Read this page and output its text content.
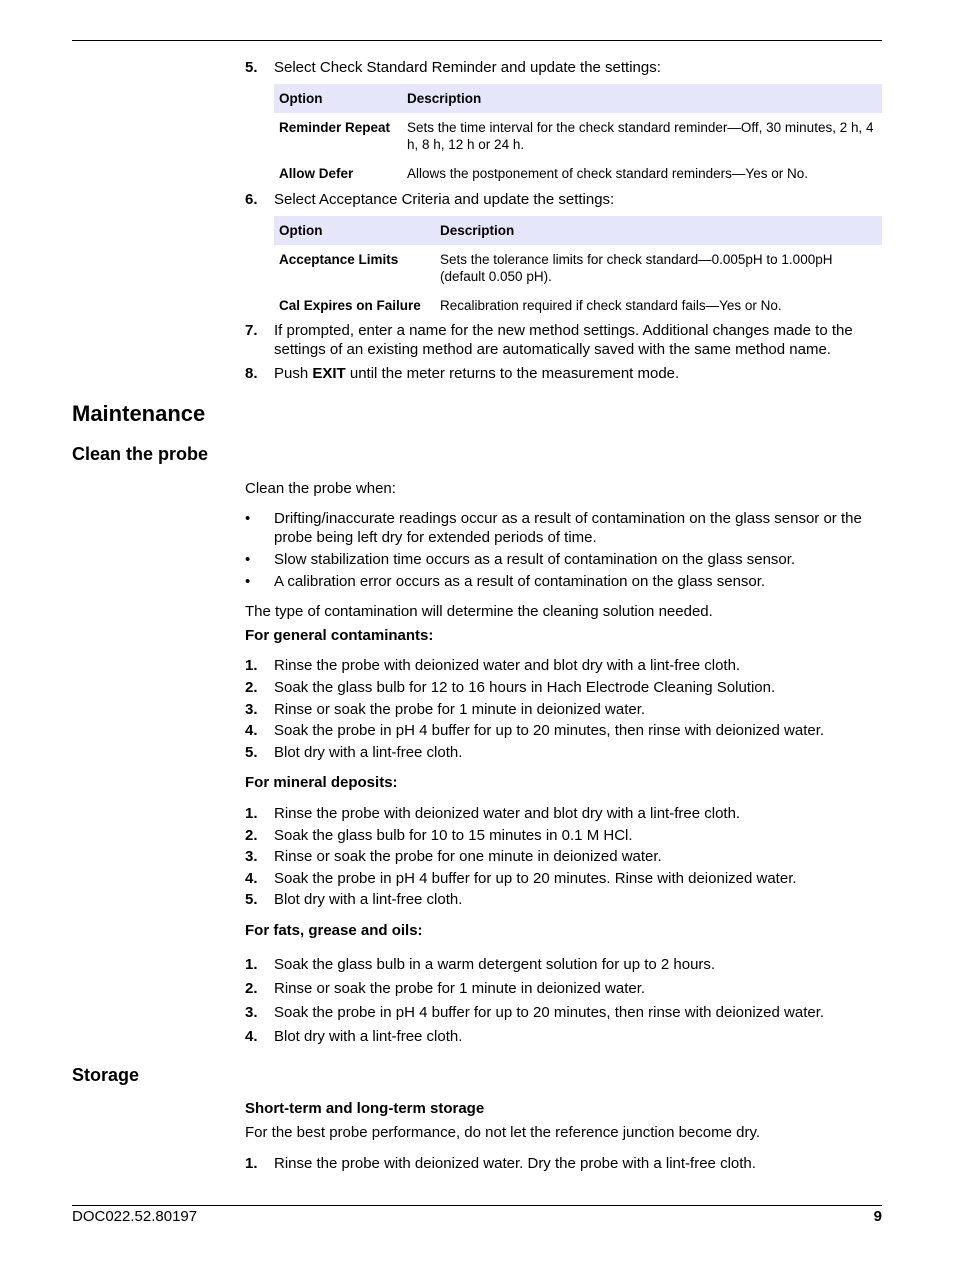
5. Select Check Standard Reminder and update the settings:
Option	Description
Reminder Repeat	Sets the time interval for the check standard reminder—Off, 30 minutes, 2 h, 4 h, 8 h, 12 h or 24 h.
Allow Defer	Allows the postponement of check standard reminders—Yes or No.
6. Select Acceptance Criteria and update the settings:
Option	Description
Acceptance Limits	Sets the tolerance limits for check standard—0.005pH to 1.000pH (default 0.050 pH).
Cal Expires on Failure	Recalibration required if check standard fails—Yes or No.
7. If prompted, enter a name for the new method settings. Additional changes made to the settings of an existing method are automatically saved with the same method name.
8. Push EXIT until the meter returns to the measurement mode.
Maintenance
Clean the probe
Clean the probe when:
• Drifting/inaccurate readings occur as a result of contamination on the glass sensor or the probe being left dry for extended periods of time.
• Slow stabilization time occurs as a result of contamination on the glass sensor.
• A calibration error occurs as a result of contamination on the glass sensor.
The type of contamination will determine the cleaning solution needed.
For general contaminants:
1. Rinse the probe with deionized water and blot dry with a lint-free cloth.
2. Soak the glass bulb for 12 to 16 hours in Hach Electrode Cleaning Solution.
3. Rinse or soak the probe for 1 minute in deionized water.
4. Soak the probe in pH 4 buffer for up to 20 minutes, then rinse with deionized water.
5. Blot dry with a lint-free cloth.
For mineral deposits:
1. Rinse the probe with deionized water and blot dry with a lint-free cloth.
2. Soak the glass bulb for 10 to 15 minutes in 0.1 M HCl.
3. Rinse or soak the probe for one minute in deionized water.
4. Soak the probe in pH 4 buffer for up to 20 minutes. Rinse with deionized water.
5. Blot dry with a lint-free cloth.
For fats, grease and oils:
1. Soak the glass bulb in a warm detergent solution for up to 2 hours.
2. Rinse or soak the probe for 1 minute in deionized water.
3. Soak the probe in pH 4 buffer for up to 20 minutes, then rinse with deionized water.
4. Blot dry with a lint-free cloth.
Storage
Short-term and long-term storage
For the best probe performance, do not let the reference junction become dry.
1. Rinse the probe with deionized water. Dry the probe with a lint-free cloth.
DOC022.52.80197	9
